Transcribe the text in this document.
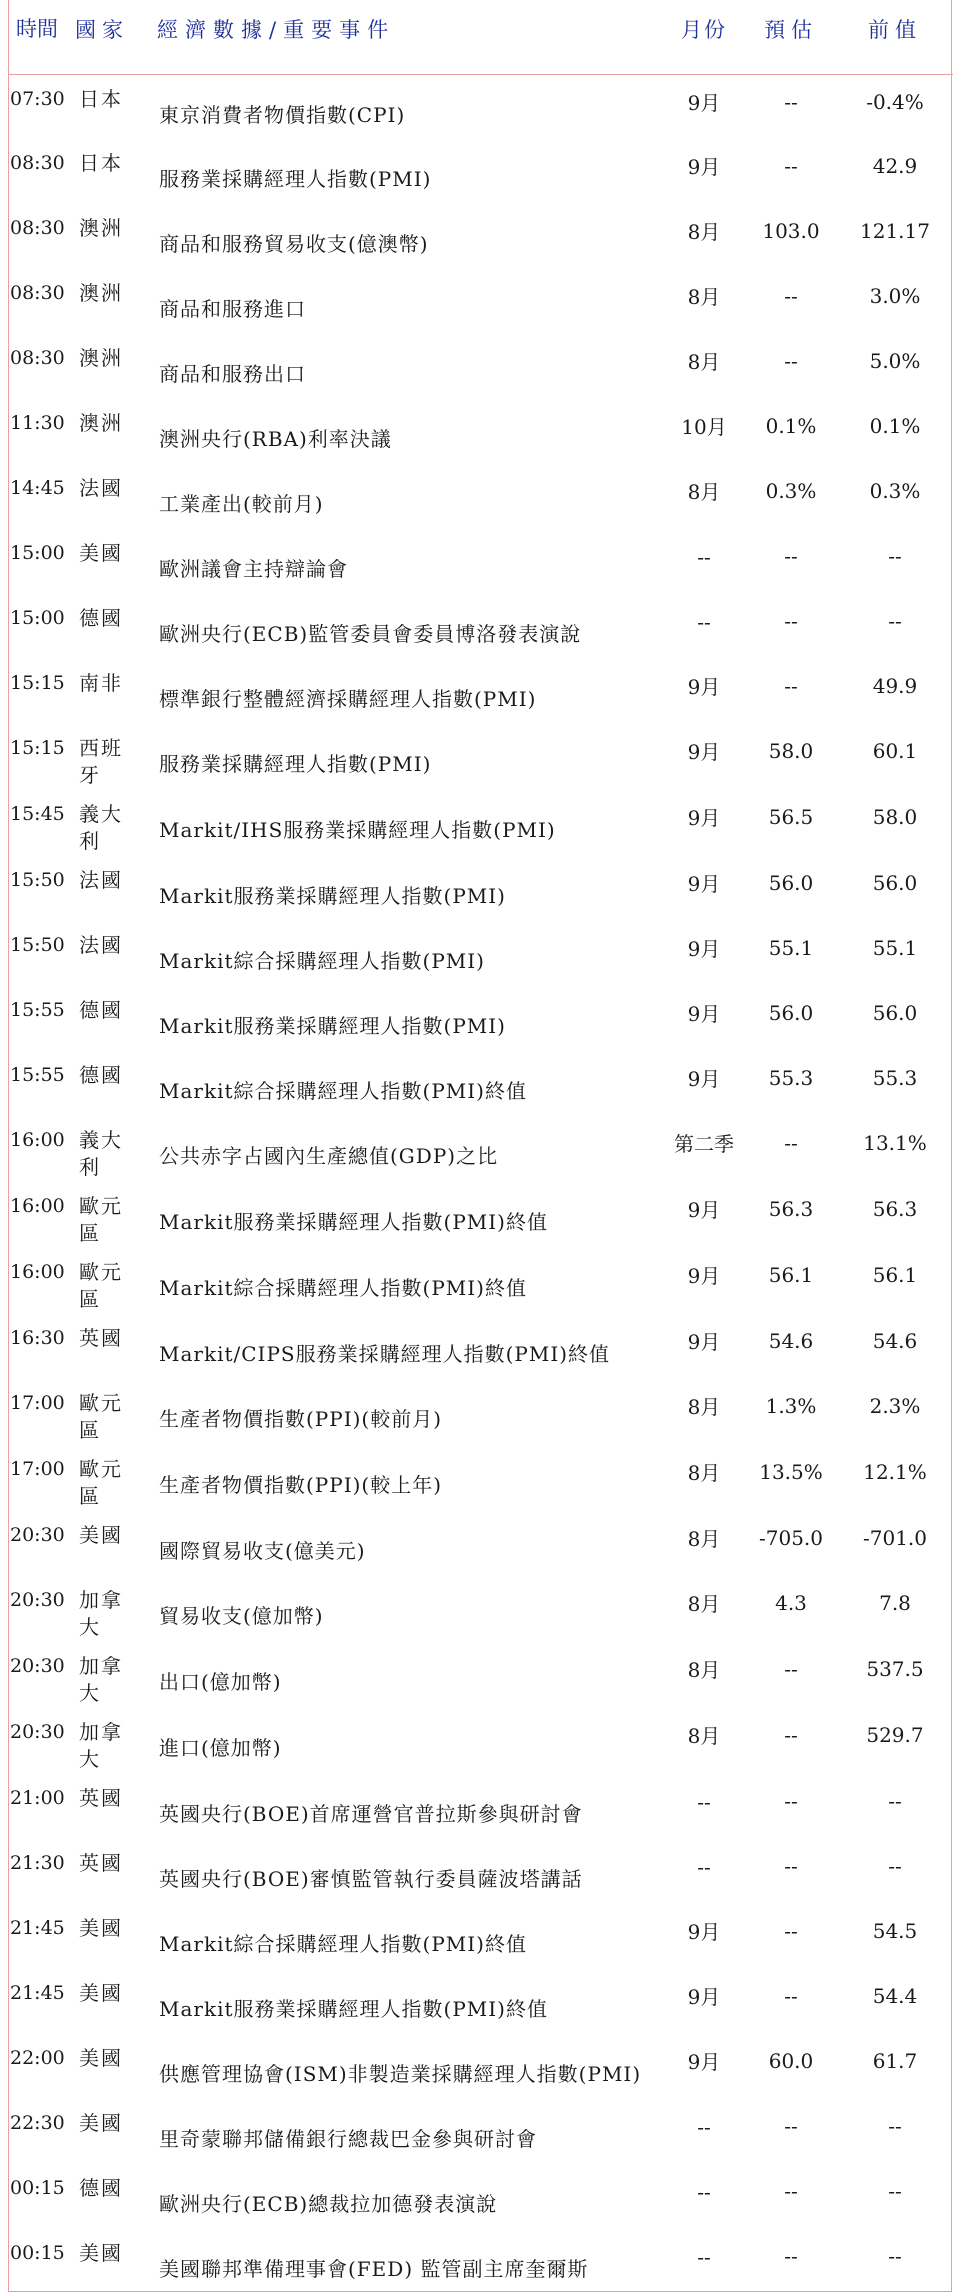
時間	國家	經濟數據/重要事件	月份	預估	前值
07:30	日本	東京消費者物價指數(CPI)	9月	--	-0.4%
08:30	日本	服務業採購經理人指數(PMI)	9月	--	42.9
08:30	澳洲	商品和服務貿易收支(億澳幣)	8月	103.0	121.17
08:30	澳洲	商品和服務進口	8月	--	3.0%
08:30	澳洲	商品和服務出口	8月	--	5.0%
11:30	澳洲	澳洲央行(RBA)利率決議	10月	0.1%	0.1%
14:45	法國	工業產出(較前月)	8月	0.3%	0.3%
15:00	美國	歐洲議會主持辯論會	--	--	--
15:00	德國	歐洲央行(ECB)監管委員會委員博洛發表演說	--	--	--
15:15	南非	標準銀行整體經濟採購經理人指數(PMI)	9月	--	49.9
15:15	西班牙	服務業採購經理人指數(PMI)	9月	58.0	60.1
15:45	義大利	Markit/IHS服務業採購經理人指數(PMI)	9月	56.5	58.0
15:50	法國	Markit服務業採購經理人指數(PMI)	9月	56.0	56.0
15:50	法國	Markit綜合採購經理人指數(PMI)	9月	55.1	55.1
15:55	德國	Markit服務業採購經理人指數(PMI)	9月	56.0	56.0
15:55	德國	Markit綜合採購經理人指數(PMI)終值	9月	55.3	55.3
16:00	義大利	公共赤字占國內生產總值(GDP)之比	第二季	--	13.1%
16:00	歐元區	Markit服務業採購經理人指數(PMI)終值	9月	56.3	56.3
16:00	歐元區	Markit綜合採購經理人指數(PMI)終值	9月	56.1	56.1
16:30	英國	Markit/CIPS服務業採購經理人指數(PMI)終值	9月	54.6	54.6
17:00	歐元區	生產者物價指數(PPI)(較前月)	8月	1.3%	2.3%
17:00	歐元區	生產者物價指數(PPI)(較上年)	8月	13.5%	12.1%
20:30	美國	國際貿易收支(億美元)	8月	-705.0	-701.0
20:30	加拿大	貿易收支(億加幣)	8月	4.3	7.8
20:30	加拿大	出口(億加幣)	8月	--	537.5
20:30	加拿大	進口(億加幣)	8月	--	529.7
21:00	英國	英國央行(BOE)首席運營官普拉斯參與研討會	--	--	--
21:30	英國	英國央行(BOE)審慎監管執行委員薩波塔講話	--	--	--
21:45	美國	Markit綜合採購經理人指數(PMI)終值	9月	--	54.5
21:45	美國	Markit服務業採購經理人指數(PMI)終值	9月	--	54.4
22:00	美國	供應管理協會(ISM)非製造業採購經理人指數(PMI)	9月	60.0	61.7
22:30	美國	里奇蒙聯邦儲備銀行總裁巴金參與研討會	--	--	--
00:15	德國	歐洲央行(ECB)總裁拉加德發表演說	--	--	--
00:15	美國	美國聯邦準備理事會(FED) 監管副主席奎爾斯	--	--	--
